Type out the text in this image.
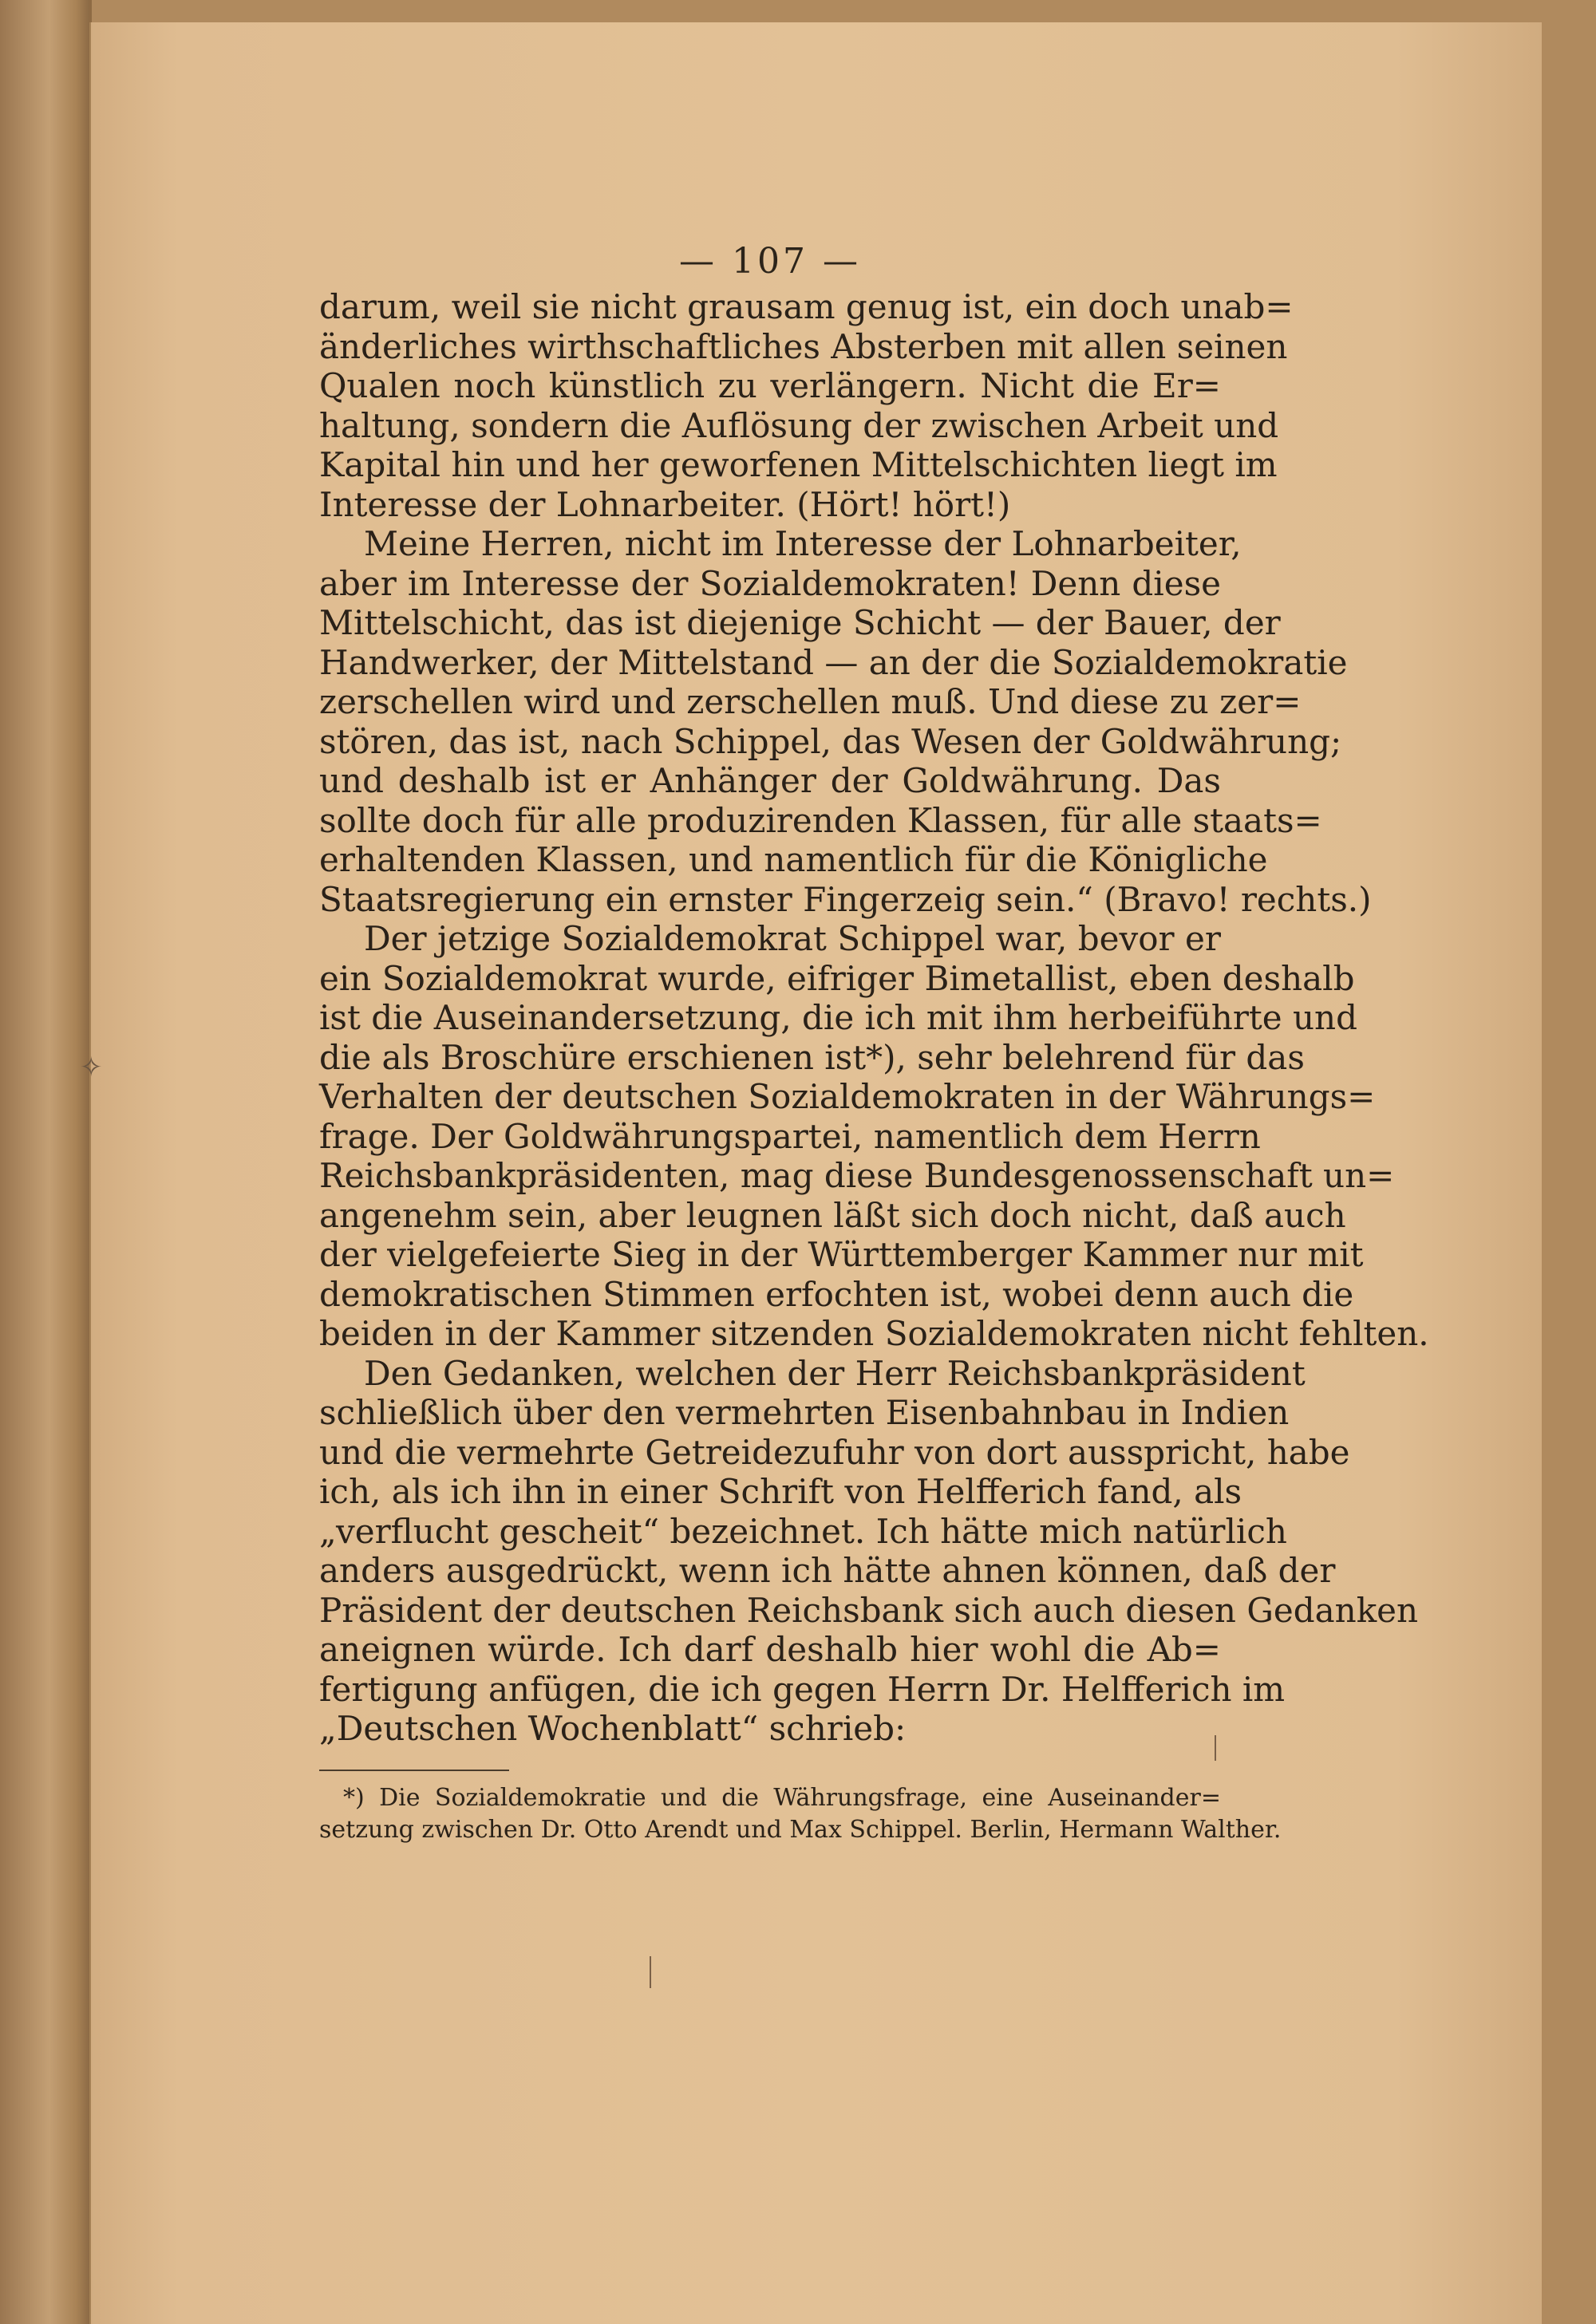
✧
— 107 —
darum, weil sie nicht grausam genug ist, ein doch unab=
änderliches wirthschaftliches Absterben mit allen seinen
Qualen noch künstlich zu verlängern. Nicht die Er=
haltung, sondern die Auflösung der zwischen Arbeit und
Kapital hin und her geworfenen Mittelschichten liegt im
Interesse der Lohnarbeiter. (Hört! hört!)
Meine Herren, nicht im Interesse der Lohnarbeiter,
aber im Interesse der Sozialdemokraten! Denn diese
Mittelschicht, das ist diejenige Schicht — der Bauer, der
Handwerker, der Mittelstand — an der die Sozialdemokratie
zerschellen wird und zerschellen muß. Und diese zu zer=
stören, das ist, nach Schippel, das Wesen der Goldwährung;
und deshalb ist er Anhänger der Goldwährung. Das
sollte doch für alle produzirenden Klassen, für alle staats=
erhaltenden Klassen, und namentlich für die Königliche
Staatsregierung ein ernster Fingerzeig sein.“ (Bravo! rechts.)
Der jetzige Sozialdemokrat Schippel war, bevor er
ein Sozialdemokrat wurde, eifriger Bimetallist, eben deshalb
ist die Auseinandersetzung, die ich mit ihm herbeiführte und
die als Broschüre erschienen ist*), sehr belehrend für das
Verhalten der deutschen Sozialdemokraten in der Währungs=
frage. Der Goldwährungspartei, namentlich dem Herrn
Reichsbankpräsidenten, mag diese Bundesgenossenschaft un=
angenehm sein, aber leugnen läßt sich doch nicht, daß auch
der vielgefeierte Sieg in der Württemberger Kammer nur mit
demokratischen Stimmen erfochten ist, wobei denn auch die
beiden in der Kammer sitzenden Sozialdemokraten nicht fehlten.
Den Gedanken, welchen der Herr Reichsbankpräsident
schließlich über den vermehrten Eisenbahnbau in Indien
und die vermehrte Getreidezufuhr von dort ausspricht, habe
ich, als ich ihn in einer Schrift von Helfferich fand, als
„verflucht gescheit“ bezeichnet. Ich hätte mich natürlich
anders ausgedrückt, wenn ich hätte ahnen können, daß der
Präsident der deutschen Reichsbank sich auch diesen Gedanken
aneignen würde. Ich darf deshalb hier wohl die Ab=
fertigung anfügen, die ich gegen Herrn Dr. Helfferich im
„Deutschen Wochenblatt“ schrieb:
*) Die Sozialdemokratie und die Währungsfrage, eine Auseinander=
setzung zwischen Dr. Otto Arendt und Max Schippel. Berlin, Hermann Walther.
